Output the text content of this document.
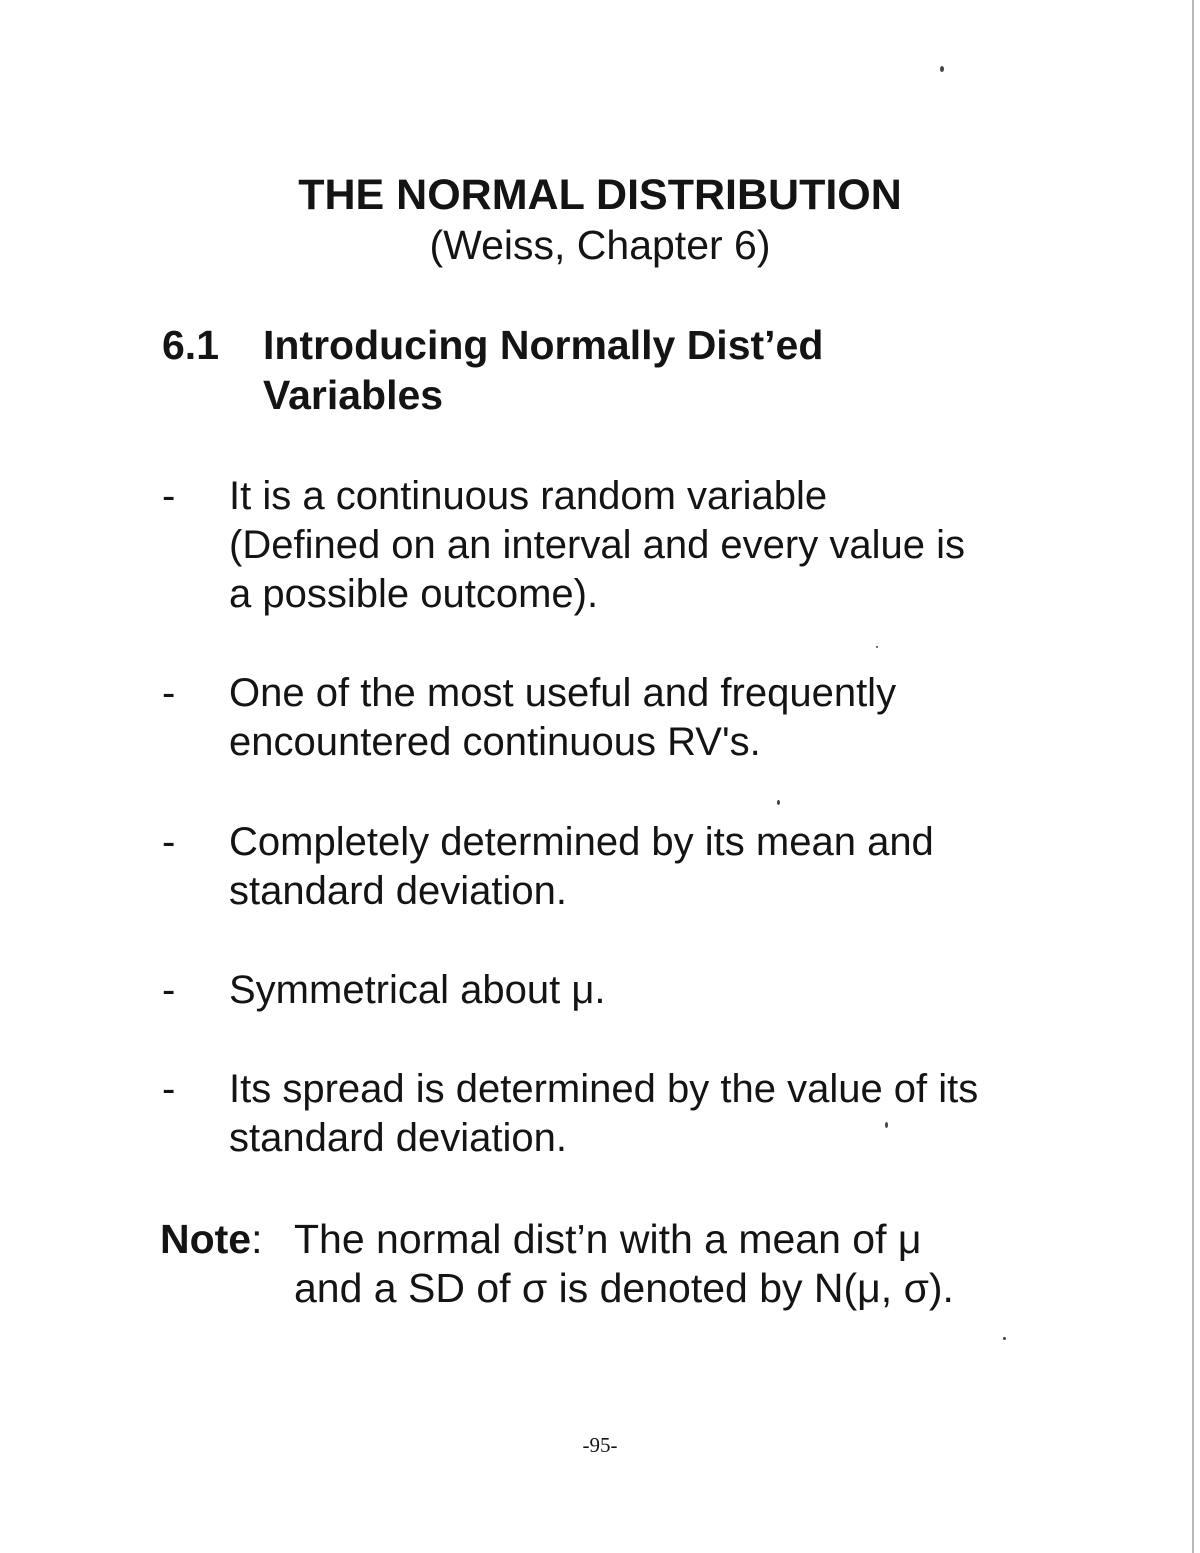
THE NORMAL DISTRIBUTION
(Weiss, Chapter 6)
6.1 Introducing Normally Dist’ed
Variables
- It is a continuous random variable
(Defined on an interval and every value is
a possible outcome).
- One of the most useful and frequently
encountered continuous RV's.
- Completely determined by its mean and
standard deviation.
- Symmetrical about μ.
- Its spread is determined by the value of its
standard deviation.
Note: The normal dist’n with a mean of μ
and a SD of σ is denoted by N(μ, σ).
-95-
